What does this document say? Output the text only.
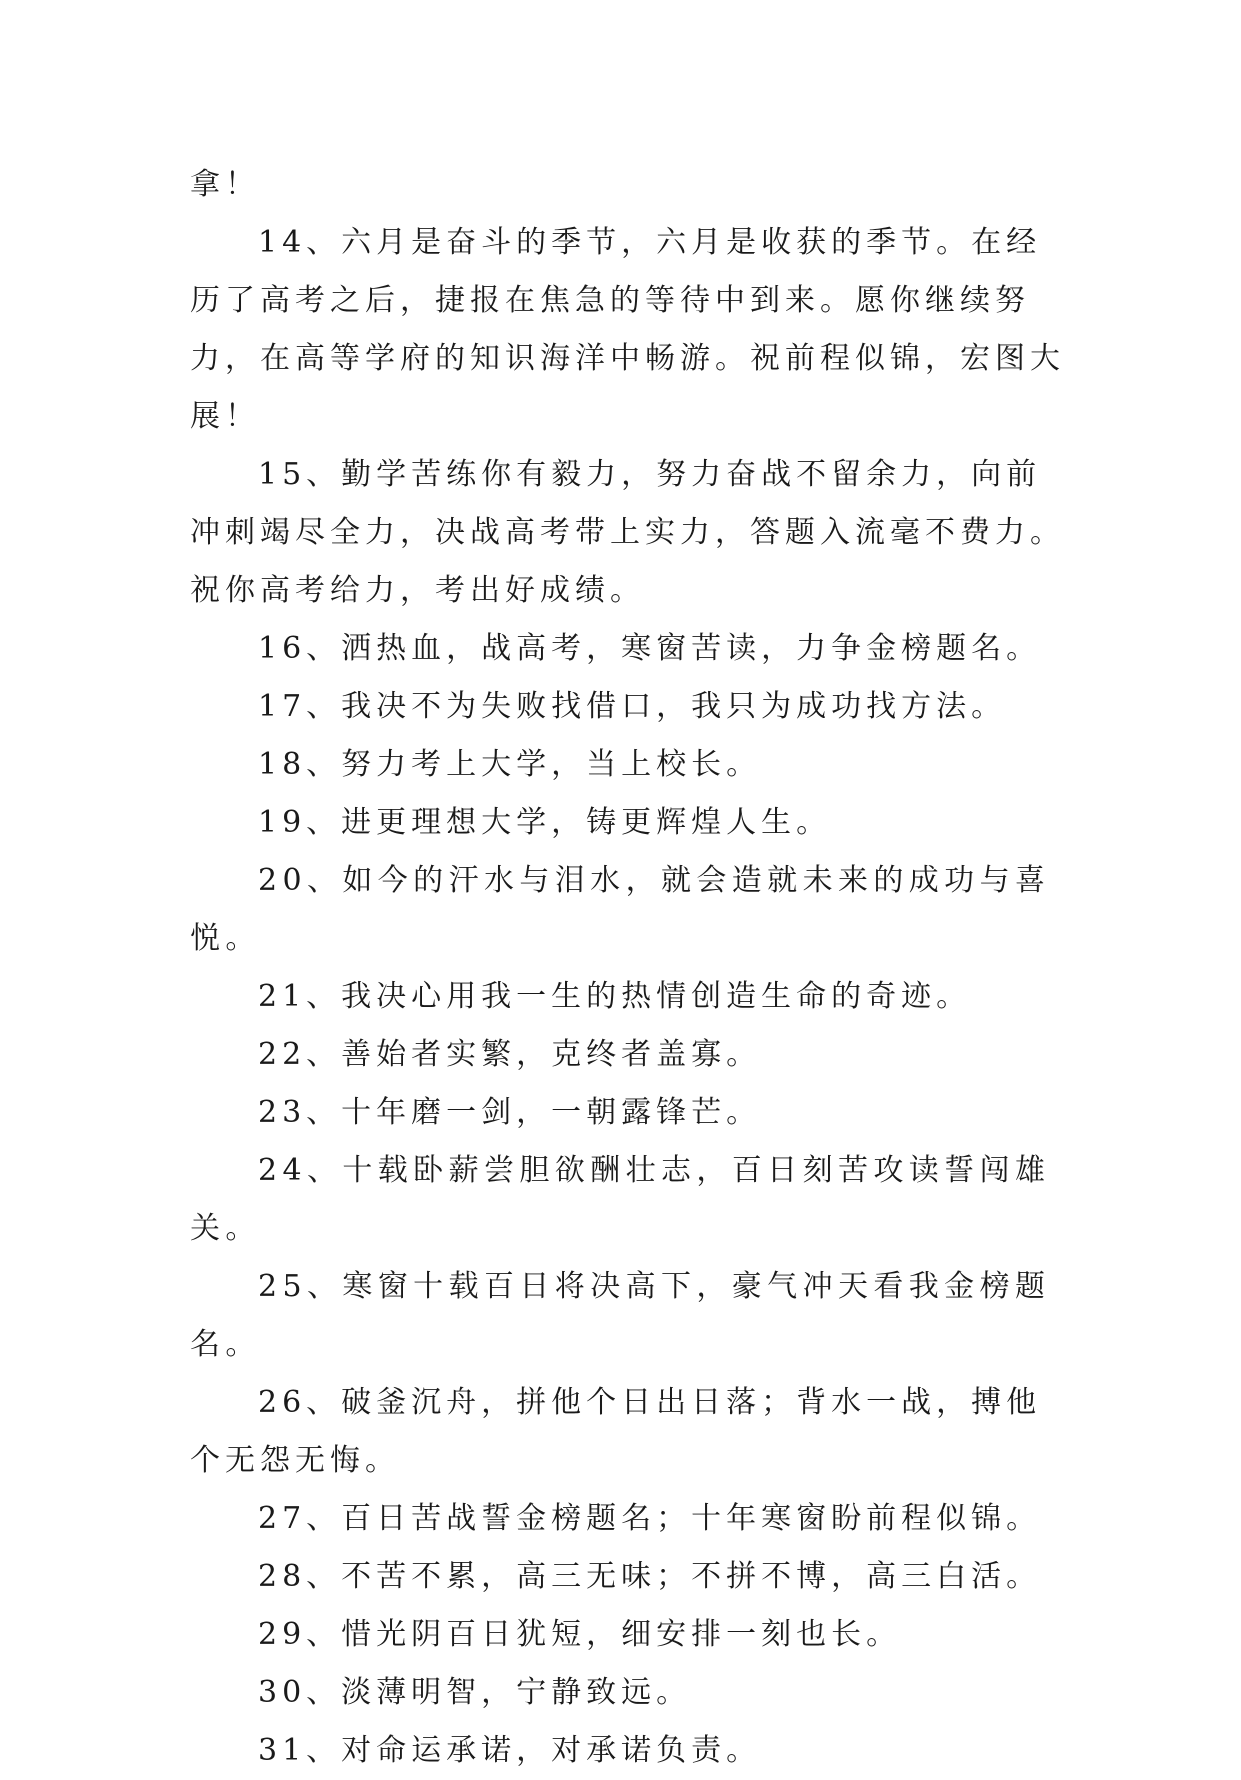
拿！

14、六月是奋斗的季节，六月是收获的季节。在经历了高考之后，捷报在焦急的等待中到来。愿你继续努力，在高等学府的知识海洋中畅游。祝前程似锦，宏图大展！

15、勤学苦练你有毅力，努力奋战不留余力，向前冲刺竭尽全力，决战高考带上实力，答题入流毫不费力。祝你高考给力，考出好成绩。

16、洒热血，战高考，寒窗苦读，力争金榜题名。

17、我决不为失败找借口，我只为成功找方法。

18、努力考上大学，当上校长。

19、进更理想大学，铸更辉煌人生。

20、如今的汗水与泪水，就会造就未来的成功与喜悦。

21、我决心用我一生的热情创造生命的奇迹。

22、善始者实繁，克终者盖寡。

23、十年磨一剑，一朝露锋芒。

24、十载卧薪尝胆欲酬壮志，百日刻苦攻读誓闯雄关。

25、寒窗十载百日将决高下，豪气冲天看我金榜题名。

26、破釜沉舟，拼他个日出日落；背水一战，搏他个无怨无悔。

27、百日苦战誓金榜题名；十年寒窗盼前程似锦。

28、不苦不累，高三无味；不拼不博，高三白活。

29、惜光阴百日犹短，细安排一刻也长。

30、淡薄明智，宁静致远。

31、对命运承诺，对承诺负责。
